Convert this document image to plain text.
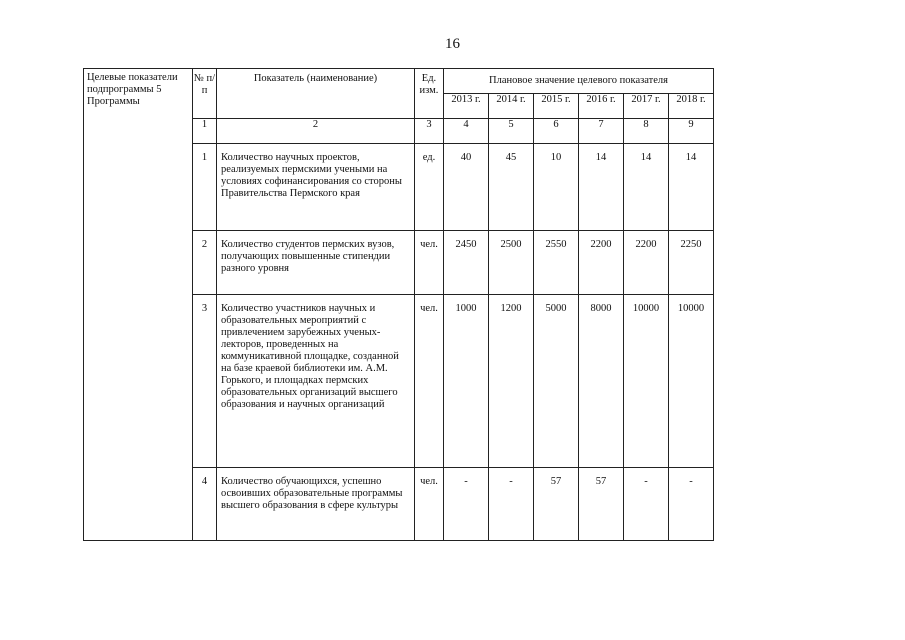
16
Целевые показатели подпрограммы 5 Программы	№ п/п	Показатель (наименование)	Ед. изм.	Плановое значение целевого показателя					
				2013 г.	2014 г.	2015 г.	2016 г.	2017 г.	2018 г.
	1	2	3	4	5	6	7	8	9
	1	Количество научных проектов, реализуемых пермскими учеными на условиях софинансирования со стороны Правительства Пермского края	ед.	40	45	10	14	14	14
	2	Количество студентов пермских вузов, получающих повышенные стипендии разного уровня	чел.	2450	2500	2550	2200	2200	2250
	3	Количество участников научных и образовательных мероприятий с привлечением зарубежных ученых-лекторов, проведенных на коммуникативной площадке, созданной на базе краевой библиотеки им. А.М. Горького, и площадках пермских образовательных организаций высшего образования и научных организаций	чел.	1000	1200	5000	8000	10000	10000
	4	Количество обучающихся, успешно освоивших образовательные программы высшего образования в сфере культуры	чел.	-	-	57	57	-	-
